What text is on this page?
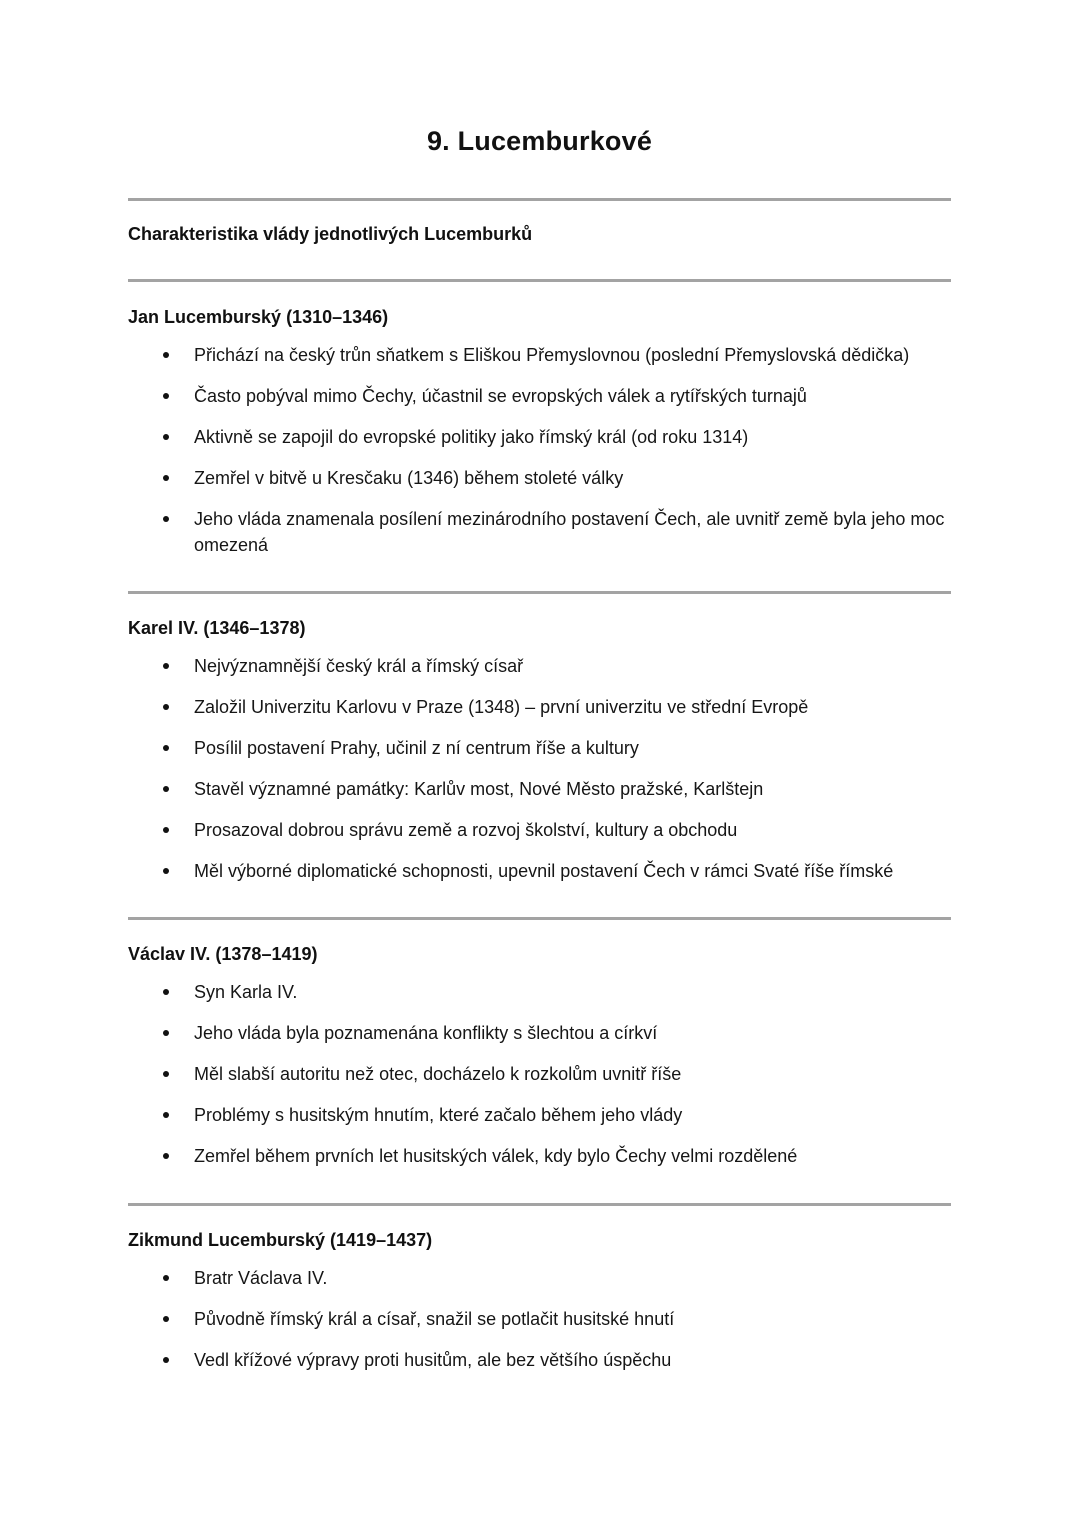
9. Lucemburkové
Charakteristika vlády jednotlivých Lucemburků
Jan Lucemburský (1310–1346)
Přichází na český trůn sňatkem s Eliškou Přemyslovnou (poslední Přemyslovská dědička)
Často pobýval mimo Čechy, účastnil se evropských válek a rytířských turnajů
Aktivně se zapojil do evropské politiky jako římský král (od roku 1314)
Zemřel v bitvě u Kresčaku (1346) během stoleté války
Jeho vláda znamenala posílení mezinárodního postavení Čech, ale uvnitř země byla jeho moc omezená
Karel IV. (1346–1378)
Nejvýznamnější český král a římský císař
Založil Univerzitu Karlovu v Praze (1348) – první univerzitu ve střední Evropě
Posílil postavení Prahy, učinil z ní centrum říše a kultury
Stavěl významné památky: Karlův most, Nové Město pražské, Karlštejn
Prosazoval dobrou správu země a rozvoj školství, kultury a obchodu
Měl výborné diplomatické schopnosti, upevnil postavení Čech v rámci Svaté říše římské
Václav IV. (1378–1419)
Syn Karla IV.
Jeho vláda byla poznamenána konflikty s šlechtou a církví
Měl slabší autoritu než otec, docházelo k rozkolům uvnitř říše
Problémy s husitským hnutím, které začalo během jeho vlády
Zemřel během prvních let husitských válek, kdy bylo Čechy velmi rozdělené
Zikmund Lucemburský (1419–1437)
Bratr Václava IV.
Původně římský král a císař, snažil se potlačit husitské hnutí
Vedl křížové výpravy proti husitům, ale bez většího úspěchu
